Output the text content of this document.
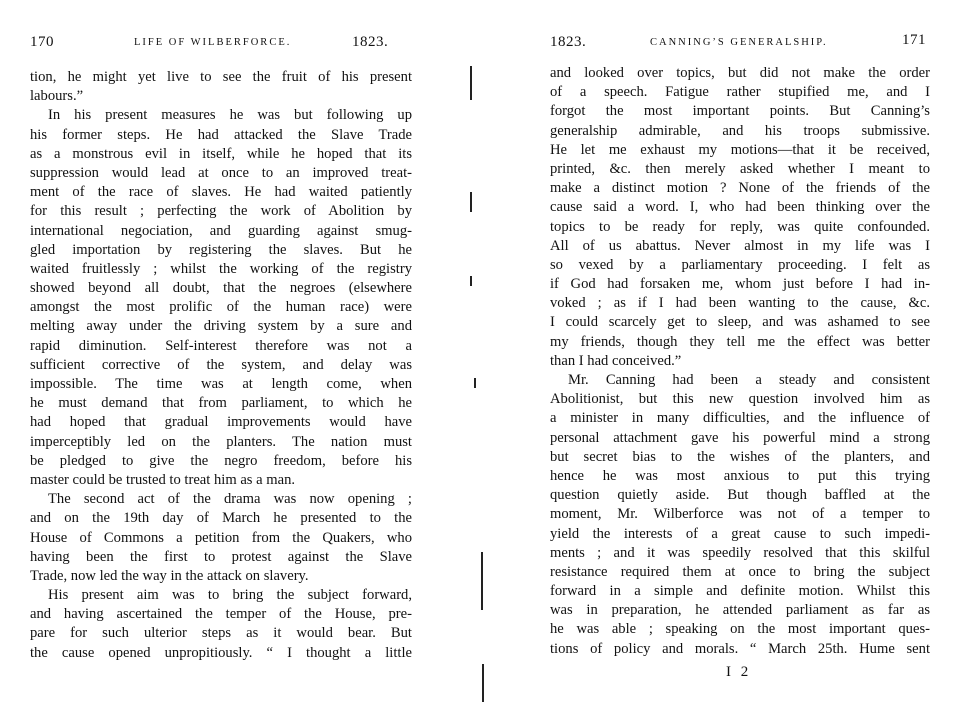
170	LIFE OF WILBERFORCE.	1823.
tion, he might yet live to see the fruit of his present
labours.”
In his present measures he was but following up
his former steps. He had attacked the Slave Trade
as a monstrous evil in itself, while he hoped that its
suppression would lead at once to an improved treat-
ment of the race of slaves. He had waited patiently
for this result ; perfecting the work of Abolition by
international negociation, and guarding against smug-
gled importation by registering the slaves. But he
waited fruitlessly ; whilst the working of the registry
showed beyond all doubt, that the negroes (elsewhere
amongst the most prolific of the human race) were
melting away under the driving system by a sure and
rapid diminution. Self-interest therefore was not a
sufficient corrective of the system, and delay was
impossible. The time was at length come, when
he must demand that from parliament, to which he
had hoped that gradual improvements would have
imperceptibly led on the planters. The nation must
be pledged to give the negro freedom, before his
master could be trusted to treat him as a man.
The second act of the drama was now opening ;
and on the 19th day of March he presented to the
House of Commons a petition from the Quakers, who
having been the first to protest against the Slave
Trade, now led the way in the attack on slavery.
His present aim was to bring the subject forward,
and having ascertained the temper of the House, pre-
pare for such ulterior steps as it would bear. But
the cause opened unpropitiously. “ I thought a little
1823.	CANNING’S GENERALSHIP.	171
and looked over topics, but did not make the order
of a speech. Fatigue rather stupified me, and I
forgot the most important points. But Canning’s
generalship admirable, and his troops submissive.
He let me exhaust my motions—that it be received,
printed, &c. then merely asked whether I meant to
make a distinct motion ? None of the friends of the
cause said a word. I, who had been thinking over the
topics to be ready for reply, was quite confounded.
All of us abattus. Never almost in my life was I
so vexed by a parliamentary proceeding. I felt as
if God had forsaken me, whom just before I had in-
voked ; as if I had been wanting to the cause, &c.
I could scarcely get to sleep, and was ashamed to see
my friends, though they tell me the effect was better
than I had conceived.”
Mr. Canning had been a steady and consistent
Abolitionist, but this new question involved him as
a minister in many difficulties, and the influence of
personal attachment gave his powerful mind a strong
but secret bias to the wishes of the planters, and
hence he was most anxious to put this trying
question quietly aside. But though baffled at the
moment, Mr. Wilberforce was not of a temper to
yield the interests of a great cause to such impedi-
ments ; and it was speedily resolved that this skilful
resistance required them at once to bring the subject
forward in a simple and definite motion. Whilst this
was in preparation, he attended parliament as far as
he was able ; speaking on the most important ques-
tions of policy and morals. “ March 25th. Hume sent
I 2
